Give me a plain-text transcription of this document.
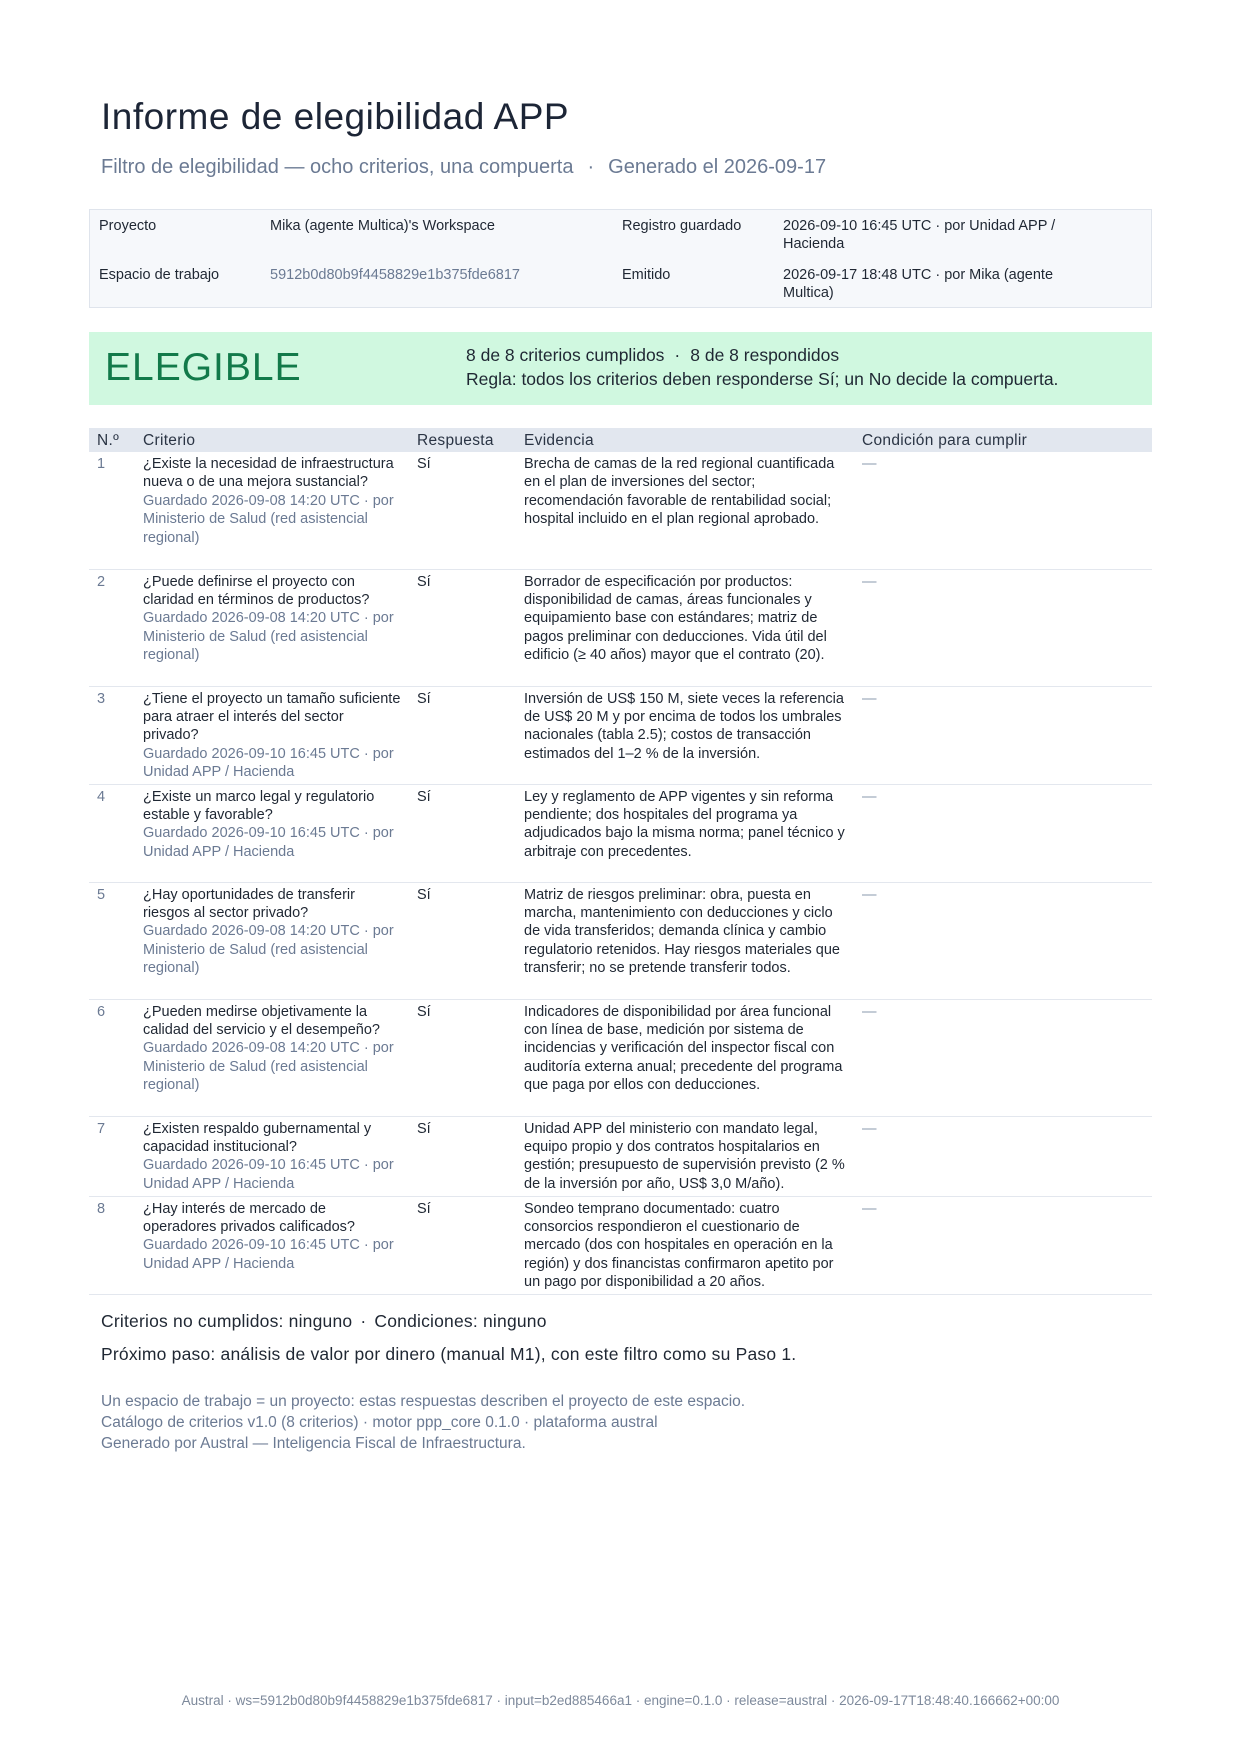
Informe de elegibilidad APP
Filtro de elegibilidad — ocho criterios, una compuerta · Generado el 2026-09-17
Proyecto	Mika (agente Multica)'s Workspace	Registro guardado	2026-09-10 16:45 UTC · por Unidad APP / Hacienda
Espacio de trabajo	5912b0d80b9f4458829e1b375fde6817	Emitido	2026-09-17 18:48 UTC · por Mika (agente Multica)
ELEGIBLE	8 de 8 criterios cumplidos · 8 de 8 respondidos
Regla: todos los criterios deben responderse Sí; un No decide la compuerta.
N.º	Criterio	Respuesta	Evidencia	Condición para cumplir
1	¿Existe la necesidad de infraestructura nueva o de una mejora sustancial?
Guardado 2026-09-08 14:20 UTC · por Ministerio de Salud (red asistencial regional)	Sí	Brecha de camas de la red regional cuantificada en el plan de inversiones del sector; recomendación favorable de rentabilidad social; hospital incluido en el plan regional aprobado.	—
2	¿Puede definirse el proyecto con claridad en términos de productos?
Guardado 2026-09-08 14:20 UTC · por Ministerio de Salud (red asistencial regional)	Sí	Borrador de especificación por productos: disponibilidad de camas, áreas funcionales y equipamiento base con estándares; matriz de pagos preliminar con deducciones. Vida útil del edificio (≥ 40 años) mayor que el contrato (20).	—
3	¿Tiene el proyecto un tamaño suficiente para atraer el interés del sector privado?
Guardado 2026-09-10 16:45 UTC · por Unidad APP / Hacienda	Sí	Inversión de US$ 150 M, siete veces la referencia de US$ 20 M y por encima de todos los umbrales nacionales (tabla 2.5); costos de transacción estimados del 1–2 % de la inversión.	—
4	¿Existe un marco legal y regulatorio estable y favorable?
Guardado 2026-09-10 16:45 UTC · por Unidad APP / Hacienda	Sí	Ley y reglamento de APP vigentes y sin reforma pendiente; dos hospitales del programa ya adjudicados bajo la misma norma; panel técnico y arbitraje con precedentes.	—
5	¿Hay oportunidades de transferir riesgos al sector privado?
Guardado 2026-09-08 14:20 UTC · por Ministerio de Salud (red asistencial regional)	Sí	Matriz de riesgos preliminar: obra, puesta en marcha, mantenimiento con deducciones y ciclo de vida transferidos; demanda clínica y cambio regulatorio retenidos. Hay riesgos materiales que transferir; no se pretende transferir todos.	—
6	¿Pueden medirse objetivamente la calidad del servicio y el desempeño?
Guardado 2026-09-08 14:20 UTC · por Ministerio de Salud (red asistencial regional)	Sí	Indicadores de disponibilidad por área funcional con línea de base, medición por sistema de incidencias y verificación del inspector fiscal con auditoría externa anual; precedente del programa que paga por ellos con deducciones.	—
7	¿Existen respaldo gubernamental y capacidad institucional?
Guardado 2026-09-10 16:45 UTC · por Unidad APP / Hacienda	Sí	Unidad APP del ministerio con mandato legal, equipo propio y dos contratos hospitalarios en gestión; presupuesto de supervisión previsto (2 % de la inversión por año, US$ 3,0 M/año).	—
8	¿Hay interés de mercado de operadores privados calificados?
Guardado 2026-09-10 16:45 UTC · por Unidad APP / Hacienda	Sí	Sondeo temprano documentado: cuatro consorcios respondieron el cuestionario de mercado (dos con hospitales en operación en la región) y dos financistas confirmaron apetito por un pago por disponibilidad a 20 años.	—
Criterios no cumplidos: ninguno · Condiciones: ninguno
Próximo paso: análisis de valor por dinero (manual M1), con este filtro como su Paso 1.
Un espacio de trabajo = un proyecto: estas respuestas describen el proyecto de este espacio.
Catálogo de criterios v1.0 (8 criterios) · motor ppp_core 0.1.0 · plataforma austral
Generado por Austral — Inteligencia Fiscal de Infraestructura.
Austral · ws=5912b0d80b9f4458829e1b375fde6817 · input=b2ed885466a1 · engine=0.1.0 · release=austral · 2026-09-17T18:48:40.166662+00:00
